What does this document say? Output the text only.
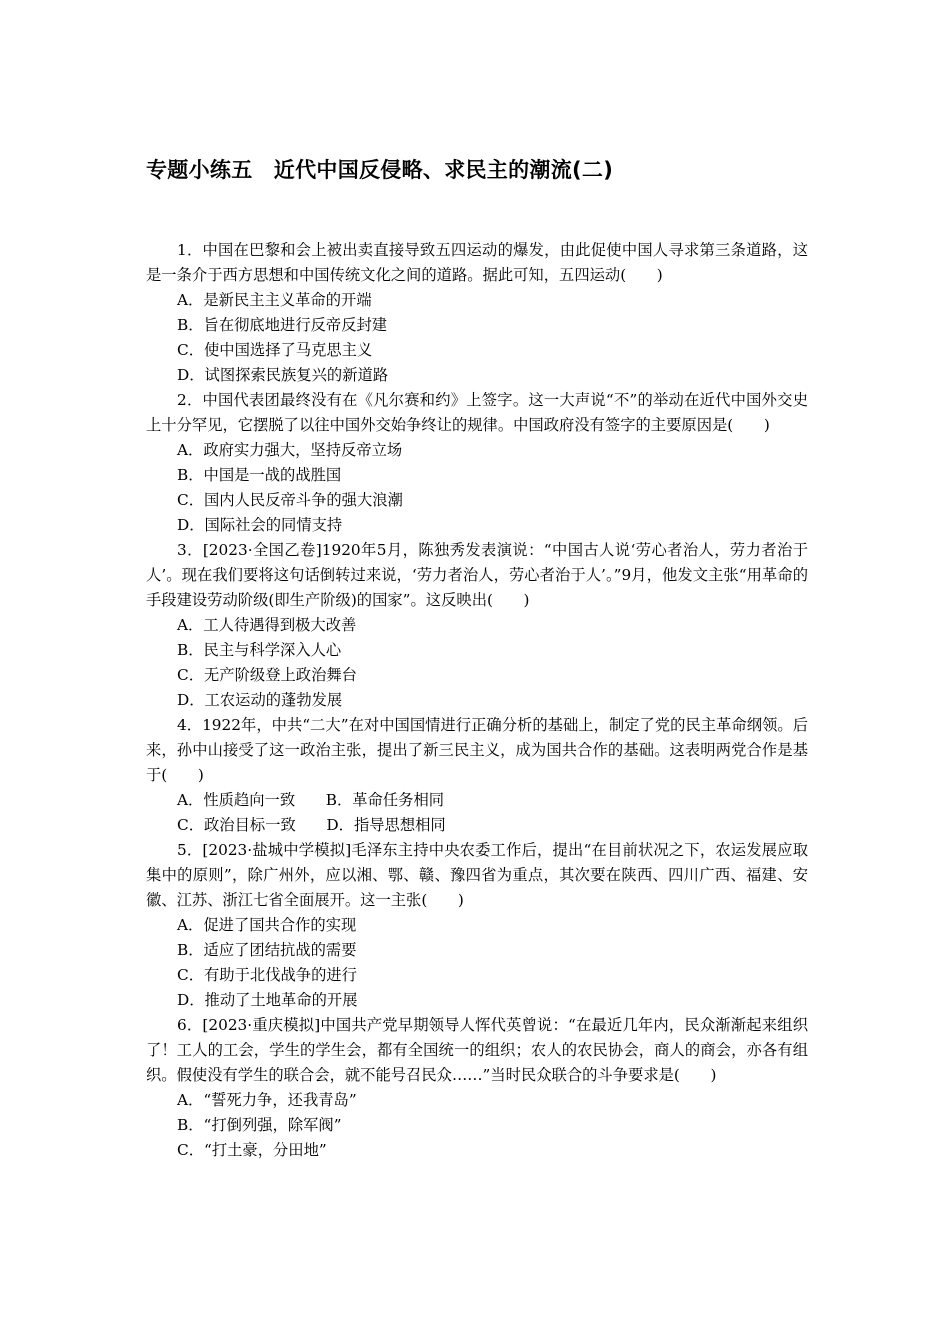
专题小练五　近代中国反侵略、求民主的潮流(二)

1．中国在巴黎和会上被出卖直接导致五四运动的爆发，由此促使中国人寻求第三条道路，这是一条介于西方思想和中国传统文化之间的道路。据此可知，五四运动(　　)

A．是新民主主义革命的开端

B．旨在彻底地进行反帝反封建

C．使中国选择了马克思主义

D．试图探索民族复兴的新道路

2．中国代表团最终没有在《凡尔赛和约》上签字。这一大声说“不”的举动在近代中国外交史上十分罕见，它摆脱了以往中国外交始争终让的规律。中国政府没有签字的主要原因是(　　)

A．政府实力强大，坚持反帝立场

B．中国是一战的战胜国

C．国内人民反帝斗争的强大浪潮

D．国际社会的同情支持

3．[2023·全国乙卷]1920年5月，陈独秀发表演说：“中国古人说‘劳心者治人，劳力者治于人’。现在我们要将这句话倒转过来说，‘劳力者治人，劳心者治于人’。”9月，他发文主张“用革命的手段建设劳动阶级(即生产阶级)的国家”。这反映出(　　)

A．工人待遇得到极大改善

B．民主与科学深入人心

C．无产阶级登上政治舞台

D．工农运动的蓬勃发展

4．1922年，中共“二大”在对中国国情进行正确分析的基础上，制定了党的民主革命纲领。后来，孙中山接受了这一政治主张，提出了新三民主义，成为国共合作的基础。这表明两党合作是基于(　　)

A．性质趋向一致　　B．革命任务相同

C．政治目标一致　　D．指导思想相同

5．[2023·盐城中学模拟]毛泽东主持中央农委工作后，提出“在目前状况之下，农运发展应取集中的原则”，除广州外，应以湘、鄂、赣、豫四省为重点，其次要在陕西、四川广西、福建、安徽、江苏、浙江七省全面展开。这一主张(　　)

A．促进了国共合作的实现

B．适应了团结抗战的需要

C．有助于北伐战争的进行

D．推动了土地革命的开展

6．[2023·重庆模拟]中国共产党早期领导人恽代英曾说：“在最近几年内，民众渐渐起来组织了！工人的工会，学生的学生会，都有全国统一的组织；农人的农民协会，商人的商会，亦各有组织。假使没有学生的联合会，就不能号召民众……”当时民众联合的斗争要求是(　　)

A．“誓死力争，还我青岛”

B．“打倒列强，除军阀”

C．“打土豪，分田地”
